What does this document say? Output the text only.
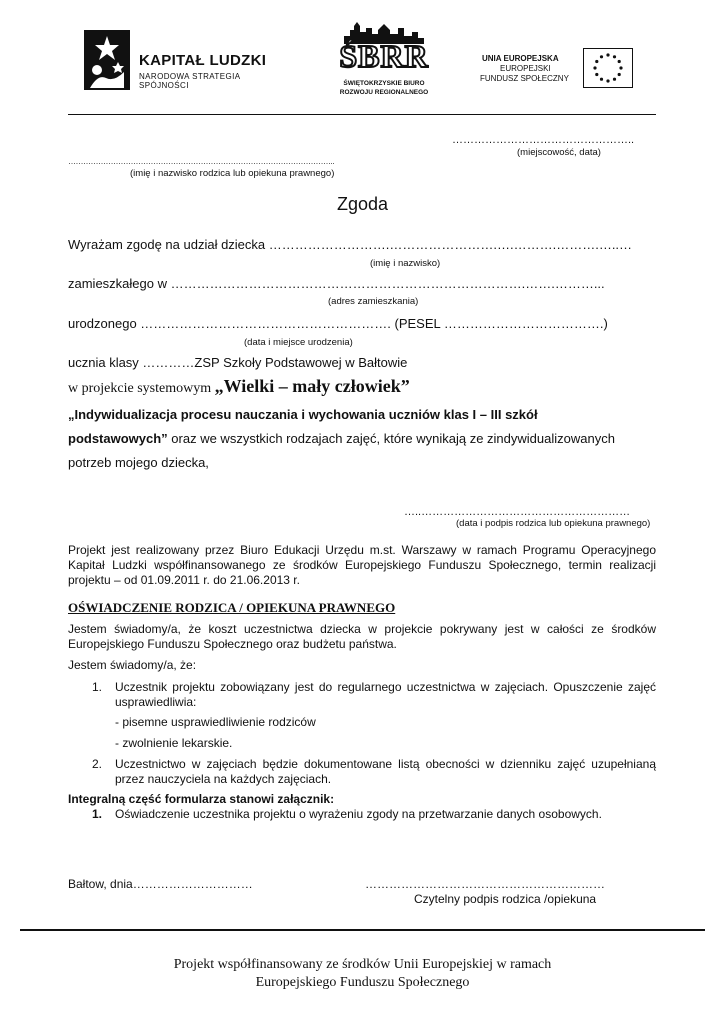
KAPITAŁ LUDZKI
NARODOWA STRATEGIA SPÓJNOŚCI
ŚBRR
ŚWIĘTOKRZYSKIE BIURO
ROZWOJU REGIONALNEGO
UNIA EUROPEJSKA
EUROPEJSKI
FUNDUSZ SPOŁECZNY
…………………………………………..
(miejscowość, data)
……………………………………………………………………………………………..
(imię i nazwisko rodzica lub opiekuna prawnego)
Zgoda
Wyrażam zgodę na udział dziecka ……………………….…………………….….……….……….…..…
(imię i nazwisko)
zamieszkałego w ……………………………………………………………………….…….………...
(adres zamieszkania)
urodzonego …………………………………………………. (PESEL ……………………………….)
(data i miejsce urodzenia)
ucznia klasy …………ZSP Szkoły Podstawowej w Bałtowie
w projekcie systemowym „Wielki – mały człowiek”
„Indywidualizacja procesu nauczania i wychowania uczniów klas I – III szkół
podstawowych” oraz we wszystkich rodzajach zajęć, które wynikają ze zindywidualizowanych
potrzeb mojego dziecka,
…..…………………………………………………
(data i podpis rodzica lub opiekuna prawnego)
Projekt jest realizowany przez Biuro Edukacji Urzędu m.st. Warszawy w ramach Programu Operacyjnego Kapitał Ludzki współfinansowanego ze środków Europejskiego Funduszu Społecznego, termin realizacji projektu – od 01.09.2011 r. do 21.06.2013 r.
OŚWIADCZENIE RODZICA / OPIEKUNA PRAWNEGO
Jestem świadomy/a, że koszt uczestnictwa dziecka w projekcie pokrywany jest w całości ze środków Europejskiego Funduszu Społecznego oraz budżetu państwa.
Jestem świadomy/a, że:
1. Uczestnik projektu zobowiązany jest do regularnego uczestnictwa w zajęciach. Opuszczenie zajęć usprawiedliwia:
- pisemne usprawiedliwienie rodziców
- zwolnienie lekarskie.
2. Uczestnictwo w zajęciach będzie dokumentowane listą obecności w dzienniku zajęć uzupełnianą przez nauczyciela na każdych zajęciach.
Integralną część formularza stanowi załącznik:
1. Oświadczenie uczestnika projektu o wyrażeniu zgody na przetwarzanie danych osobowych.
Bałtow, dnia…………………………	……………………………………………………
Czytelny podpis rodzica /opiekuna
Projekt współfinansowany ze środków Unii Europejskiej w ramach
Europejskiego Funduszu Społecznego
